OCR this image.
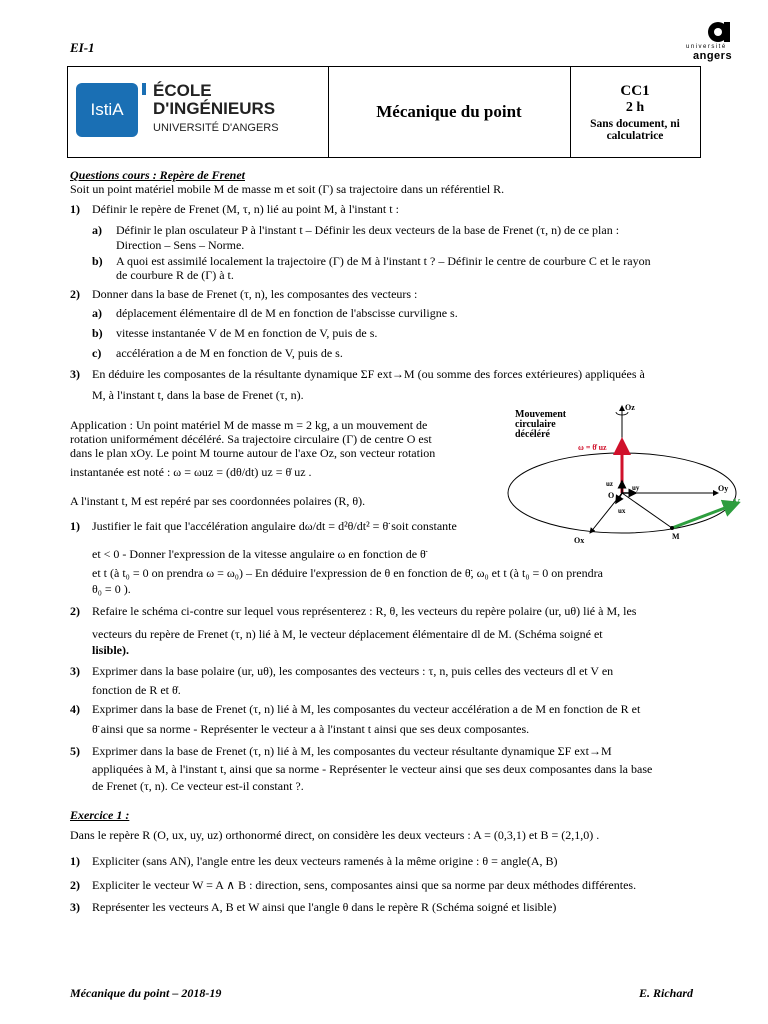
EI-1	université
angers
IstiA
ÉCOLE
D'INGÉNIEURS
UNIVERSITÉ D'ANGERS
Mécanique du point
CC1
2 h
Sans document, ni calculatrice
Questions cours : Repère de Frenet
Soit un point matériel mobile M de masse m et soit (Γ) sa trajectoire dans un référentiel R.
1) Définir le repère de Frenet (M, τ, n) lié au point M, à l'instant t :
a) Définir le plan osculateur P à l'instant t – Définir les deux vecteurs de la base de Frenet (τ, n) de ce plan :
Direction – Sens – Norme.
b) A quoi est assimilé localement la trajectoire (Γ) de M à l'instant t ? – Définir le centre de courbure C et le rayon
de courbure R de (Γ) à t.
2) Donner dans la base de Frenet (τ, n), les composantes des vecteurs :
a) déplacement élémentaire dl de M en fonction de l'abscisse curviligne s.
b) vitesse instantanée V de M en fonction de V, puis de s.
c) accélération a de M en fonction de V, puis de s.
3) En déduire les composantes de la résultante dynamique ΣF ext→M (ou somme des forces extérieures) appliquées à
M, à l'instant t, dans la base de Frenet (τ, n).
Application : Un point matériel M de masse m = 2 kg, a un mouvement de
rotation uniformément décéléré. Sa trajectoire circulaire (Γ) de centre O est
dans le plan xOy. Le point M tourne autour de l'axe Oz, son vecteur rotation
instantanée est noté : ω = ωuz = (dθ/dt) uz = θ̇ uz .
A l'instant t, M est repéré par ses coordonnées polaires (R, θ).
1) Justifier le fait que l'accélération angulaire dω/dt = d²θ/dt² = θ̈ soit constante
et < 0 - Donner l'expression de la vitesse angulaire ω en fonction de θ̈
et t (à t₀ = 0 on prendra ω = ω₀) – En déduire l'expression de θ en fonction de θ̈, ω₀ et t (à t₀ = 0 on prendra
θ₀ = 0 ).
2) Refaire le schéma ci-contre sur lequel vous représenterez : R, θ, les vecteurs du repère polaire (ur, uθ) lié à M, les
vecteurs du repère de Frenet (τ, n) lié à M, le vecteur déplacement élémentaire dl de M. (Schéma soigné et
lisible).
3) Exprimer dans la base polaire (ur, uθ), les composantes des vecteurs : τ, n, puis celles des vecteurs dl et V en
fonction de R et θ̇.
4) Exprimer dans la base de Frenet (τ, n) lié à M, les composantes du vecteur accélération a de M en fonction de R et
θ̈ ainsi que sa norme - Représenter le vecteur a à l'instant t ainsi que ses deux composantes.
5) Exprimer dans la base de Frenet (τ, n) lié à M, les composantes du vecteur résultante dynamique ΣF ext→M
appliquées à M, à l'instant t, ainsi que sa norme - Représenter le vecteur ainsi que ses deux composantes dans la base
de Frenet (τ, n). Ce vecteur est-il constant ?.
Mouvement
circulaire
décéléré
ω = θ̇ uz
Oz
Oy
Ox
O
M
uz	uy
ux
V
Exercice 1 :
Dans le repère R (O, ux, uy, uz) orthonormé direct, on considère les deux vecteurs : A = (0,3,1) et B = (2,1,0) .
1) Expliciter (sans AN), l'angle entre les deux vecteurs ramenés à la même origine : θ = angle(A, B)
2) Expliciter le vecteur W = A ∧ B : direction, sens, composantes ainsi que sa norme par deux méthodes différentes.
3) Représenter les vecteurs A, B et W ainsi que l'angle θ dans le repère R (Schéma soigné et lisible)
Mécanique du point – 2018-19	E. Richard
